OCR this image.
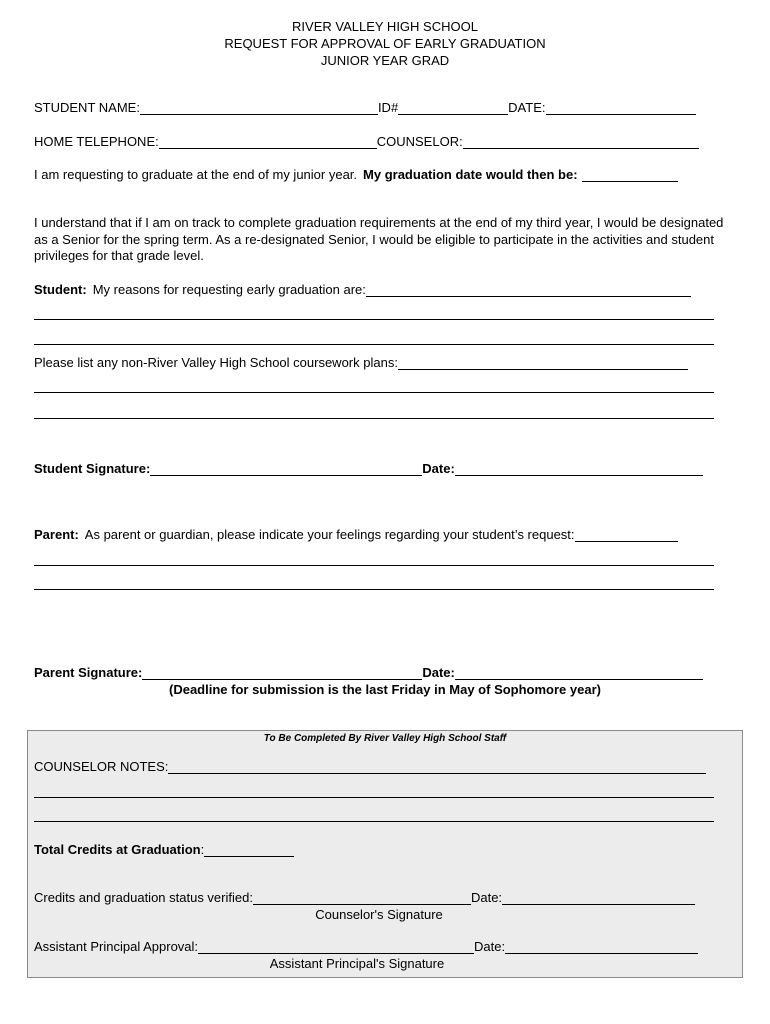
RIVER VALLEY HIGH SCHOOL
REQUEST FOR APPROVAL OF EARLY GRADUATION
JUNIOR YEAR GRAD
STUDENT NAME:	ID#	DATE:
HOME TELEPHONE:	COUNSELOR:
I am requesting to graduate at the end of my junior year. My graduation date would then be:
I understand that if I am on track to complete graduation requirements at the end of my third year, I would be designated as a Senior for the spring term. As a re-designated Senior, I would be eligible to participate in the activities and student privileges for that grade level.
Student: My reasons for requesting early graduation are:
Please list any non-River Valley High School coursework plans:
Student Signature:	Date:
Parent: As parent or guardian, please indicate your feelings regarding your student’s request:
Parent Signature:	Date:
(Deadline for submission is the last Friday in May of Sophomore year)
To Be Completed By River Valley High School Staff
COUNSELOR NOTES:
Total Credits at Graduation :
Credits and graduation status verified:	Date:
Counselor's Signature
Assistant Principal Approval:	Date:
Assistant Principal's Signature
